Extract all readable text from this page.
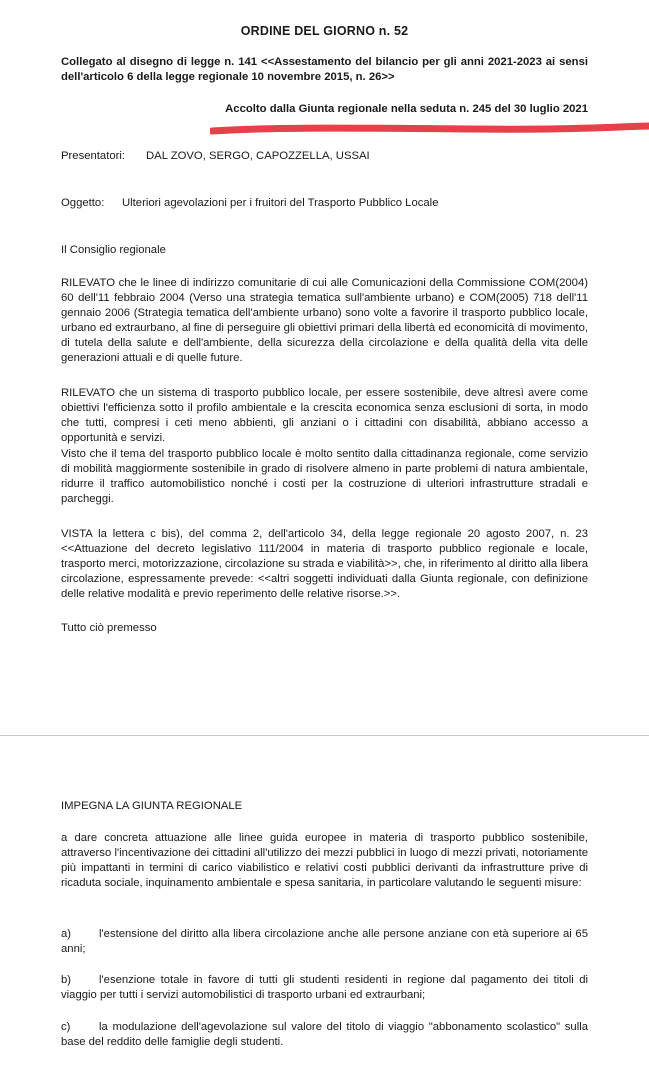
ORDINE DEL GIORNO n. 52
Collegato al disegno di legge n. 141 <<Assestamento del bilancio per gli anni 2021-2023 ai sensi dell'articolo 6 della legge regionale 10 novembre 2015, n. 26>>
Accolto dalla Giunta regionale nella seduta n. 245 del 30 luglio 2021
Presentatori: DAL ZOVO, SERGO, CAPOZZELLA, USSAI
Oggetto: Ulteriori agevolazioni per i fruitori del Trasporto Pubblico Locale
Il Consiglio regionale
RILEVATO che le linee di indirizzo comunitarie di cui alle Comunicazioni della Commissione COM(2004) 60 dell'11 febbraio 2004 (Verso una strategia tematica sull'ambiente urbano) e COM(2005) 718 dell'11 gennaio 2006 (Strategia tematica dell'ambiente urbano) sono volte a favorire il trasporto pubblico locale, urbano ed extraurbano, al fine di perseguire gli obiettivi primari della libertà ed economicità di movimento, di tutela della salute e dell'ambiente, della sicurezza della circolazione e della qualità della vita delle generazioni attuali e di quelle future.
RILEVATO che un sistema di trasporto pubblico locale, per essere sostenibile, deve altresì avere come obiettivi l'efficienza sotto il profilo ambientale e la crescita economica senza esclusioni di sorta, in modo che tutti, compresi i ceti meno abbienti, gli anziani o i cittadini con disabilità, abbiano accesso a opportunità e servizi.
Visto che il tema del trasporto pubblico locale è molto sentito dalla cittadinanza regionale, come servizio di mobilità maggiormente sostenibile in grado di risolvere almeno in parte problemi di natura ambientale, ridurre il traffico automobilistico nonché i costi per la costruzione di ulteriori infrastrutture stradali e parcheggi.
VISTA la lettera c bis), del comma 2, dell'articolo 34, della legge regionale 20 agosto 2007, n. 23 <<Attuazione del decreto legislativo 111/2004 in materia di trasporto pubblico regionale e locale, trasporto merci, motorizzazione, circolazione su strada e viabilità>>, che, in riferimento al diritto alla libera circolazione, espressamente prevede: <<altri soggetti individuati dalla Giunta regionale, con definizione delle relative modalità e previo reperimento delle relative risorse.>>.
Tutto ciò premesso
IMPEGNA LA GIUNTA REGIONALE
a dare concreta attuazione alle linee guida europee in materia di trasporto pubblico sostenibile, attraverso l'incentivazione dei cittadini all'utilizzo dei mezzi pubblici in luogo di mezzi privati, notoriamente più impattanti in termini di carico viabilistico e relativi costi pubblici derivanti da infrastrutture prive di ricaduta sociale, inquinamento ambientale e spesa sanitaria, in particolare valutando le seguenti misure:
a) l'estensione del diritto alla libera circolazione anche alle persone anziane con età superiore ai 65 anni;
b) l'esenzione totale in favore di tutti gli studenti residenti in regione dal pagamento dei titoli di viaggio per tutti i servizi automobilistici di trasporto urbani ed extraurbani;
c)	la modulazione dell'agevolazione sul valore del titolo di viaggio "abbonamento scolastico" sulla base del reddito delle famiglie degli studenti.
